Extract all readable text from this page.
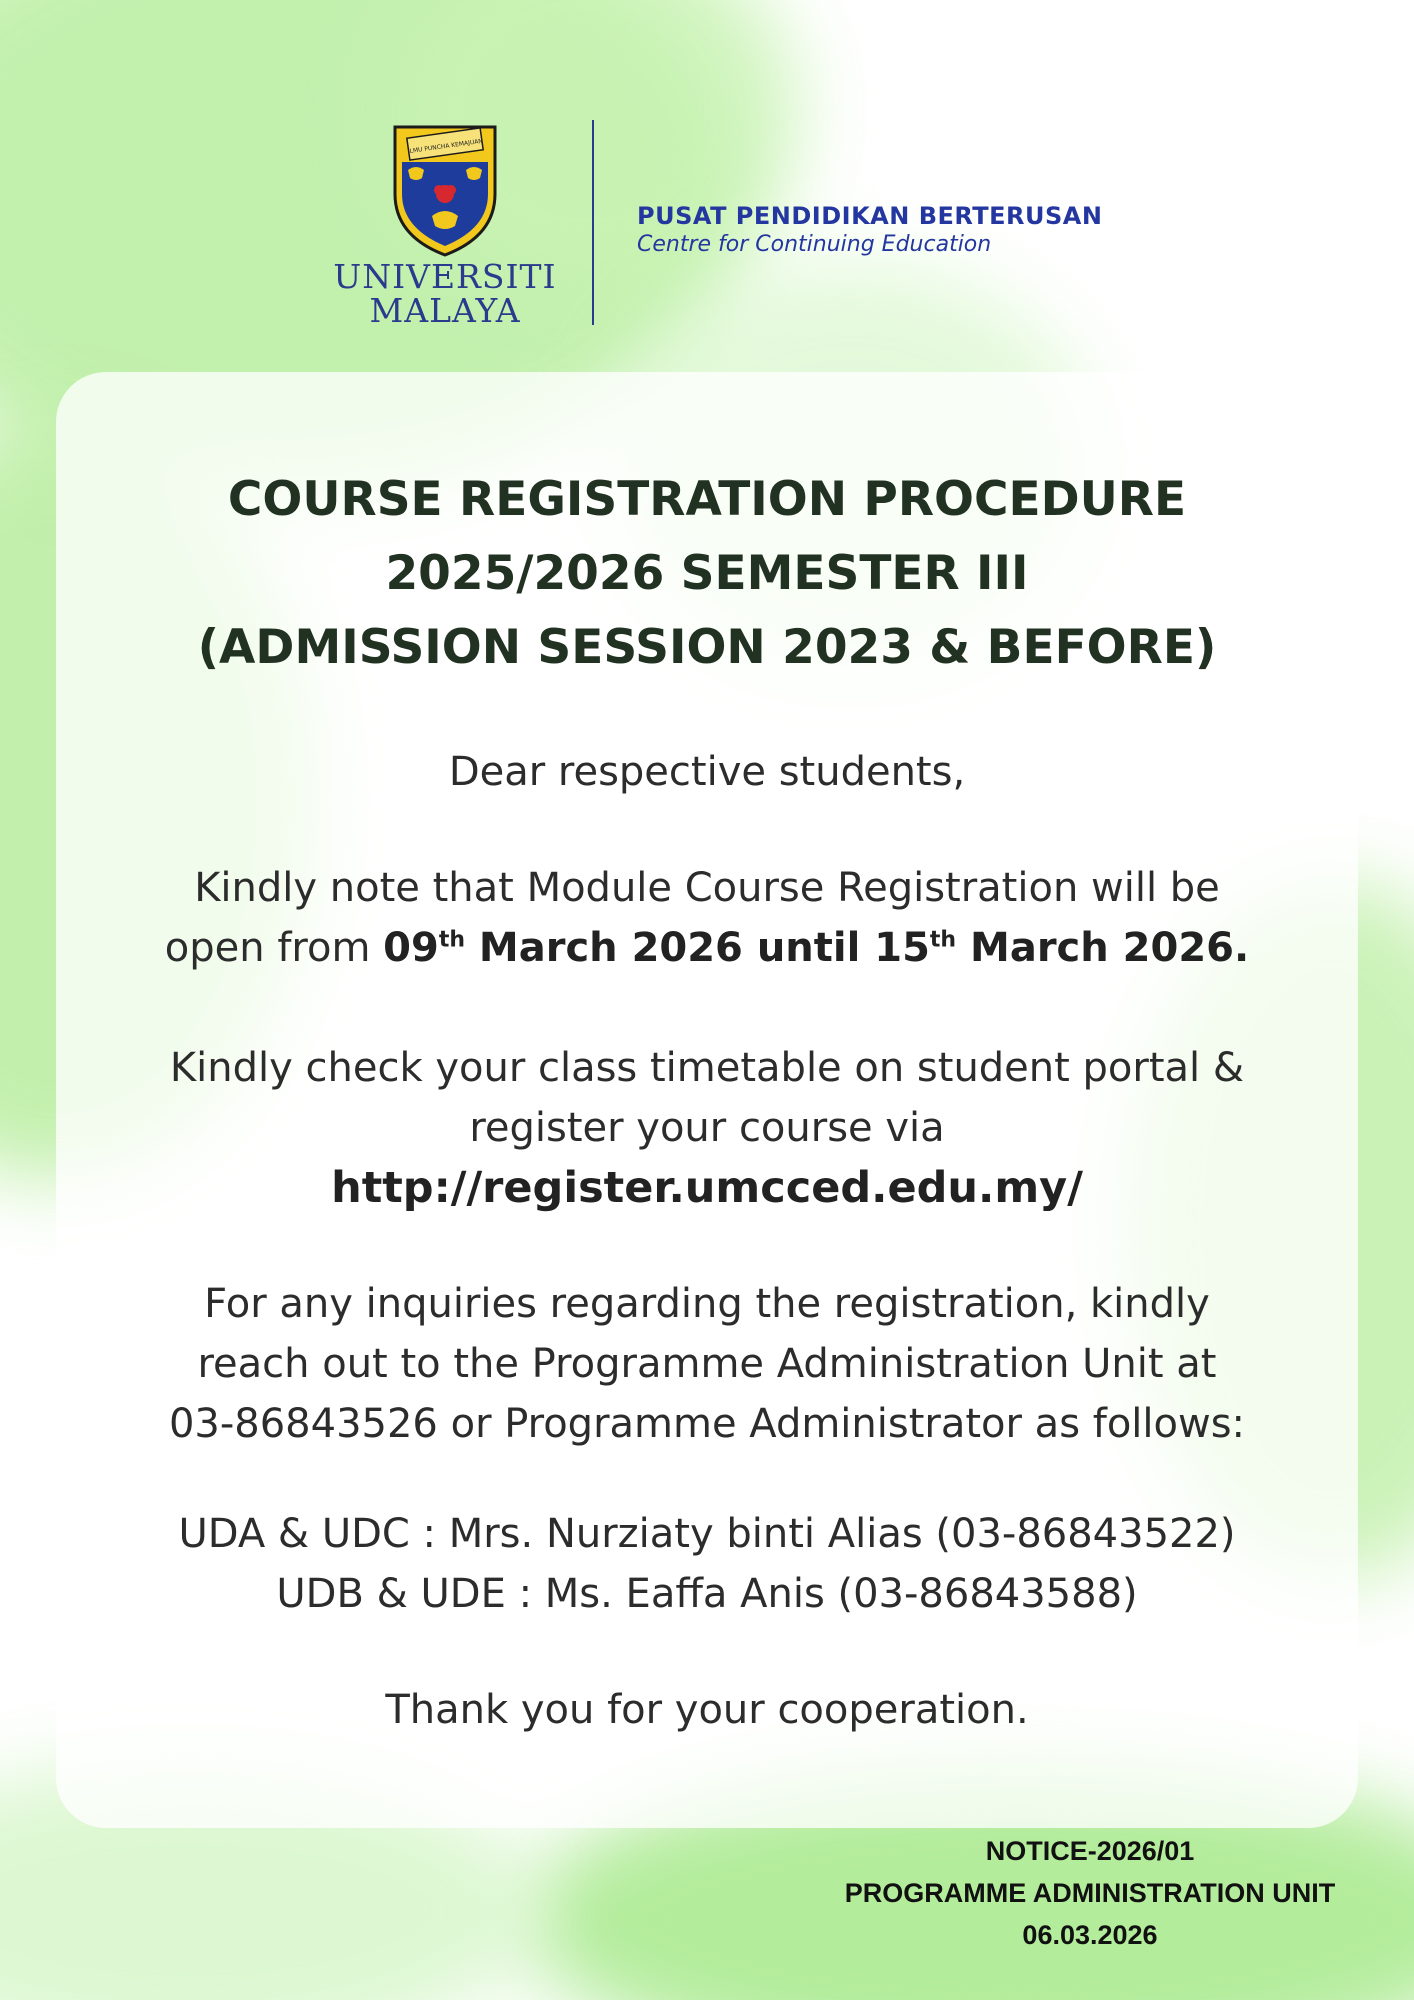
ILMU PUNCHA KEMAJUAN
UNIVERSITI
MALAYA
PUSAT PENDIDIKAN BERTERUSAN
Centre for Continuing Education
COURSE REGISTRATION PROCEDURE
2025/2026 SEMESTER III
(ADMISSION SESSION 2023 & BEFORE)
Dear respective students,
Kindly note that Module Course Registration will be
open from 09th March 2026 until 15th March 2026.
Kindly check your class timetable on student portal &
register your course via
http://register.umcced.edu.my/
For any inquiries regarding the registration, kindly
reach out to the Programme Administration Unit at
03-86843526 or Programme Administrator as follows:
UDA & UDC : Mrs. Nurziaty binti Alias (03-86843522)
UDB & UDE : Ms. Eaffa Anis (03-86843588)
Thank you for your cooperation.
NOTICE-2026/01
PROGRAMME ADMINISTRATION UNIT
06.03.2026
